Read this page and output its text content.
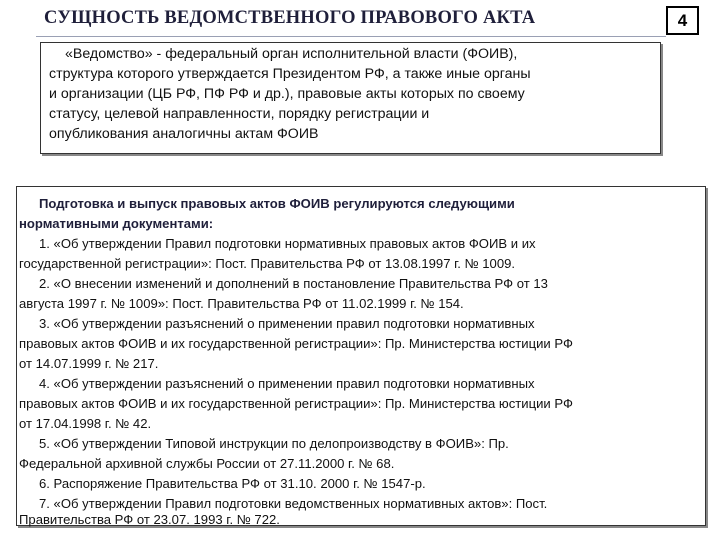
СУЩНОСТЬ ВЕДОМСТВЕННОГО ПРАВОВОГО АКТА	4
«Ведомство» - федеральный орган исполнительной власти (ФОИВ),
структура которого утверждается Президентом РФ, а также иные органы
и организации (ЦБ РФ, ПФ РФ и др.), правовые акты которых по своему
статусу, целевой направленности, порядку регистрации и
опубликования аналогичны актам ФОИВ
Подготовка и выпуск правовых актов ФОИВ регулируются следующими
нормативными документами:
1. «Об утверждении Правил подготовки нормативных правовых актов ФОИВ и их
государственной регистрации»: Пост. Правительства РФ от 13.08.1997 г. № 1009.
2. «О внесении изменений и дополнений в постановление Правительства РФ от 13
августа 1997 г. № 1009»: Пост. Правительства РФ от 11.02.1999 г. № 154.
3. «Об утверждении разъяснений о применении правил подготовки нормативных
правовых актов ФОИВ и их государственной регистрации»: Пр. Министерства юстиции РФ
от 14.07.1999 г. № 217.
4. «Об утверждении разъяснений о применении правил подготовки нормативных
правовых актов ФОИВ и их государственной регистрации»: Пр. Министерства юстиции РФ
от 17.04.1998 г. № 42.
5. «Об утверждении Типовой инструкции по делопроизводству в ФОИВ»: Пр.
Федеральной архивной службы России от 27.11.2000 г. № 68.
6. Распоряжение Правительства РФ от 31.10. 2000 г. № 1547-р.
7. «Об утверждении Правил подготовки ведомственных нормативных актов»: Пост.
Правительства РФ от 23.07. 1993 г. № 722.
